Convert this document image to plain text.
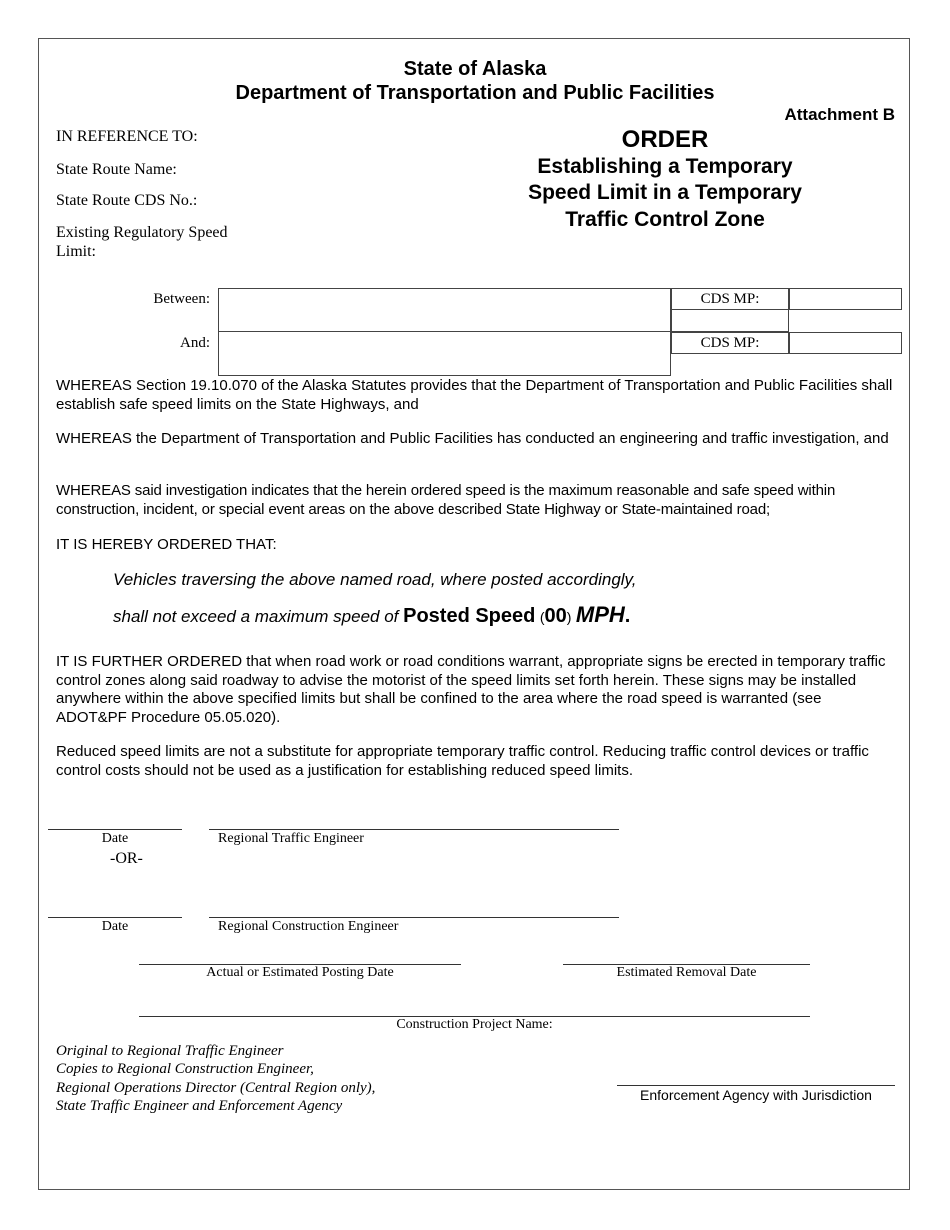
State of Alaska
Department of Transportation and Public Facilities
Attachment B
ORDER
Establishing a Temporary
Speed Limit in a Temporary
Traffic Control Zone
IN REFERENCE TO:
State Route Name:
State Route CDS No.:
Existing Regulatory Speed Limit:
Between:	CDS MP:
And:	CDS MP:
WHEREAS Section 19.10.070 of the Alaska Statutes provides that the Department of Transportation and Public Facilities shall establish safe speed limits on the State Highways, and
WHEREAS the Department of Transportation and Public Facilities has conducted an engineering and traffic investigation, and
WHEREAS said investigation indicates that the herein ordered speed is the maximum reasonable and safe speed within construction, incident, or special event areas on the above described State Highway or State-maintained road;
IT IS HEREBY ORDERED THAT:
Vehicles traversing the above named road, where posted accordingly,
shall not exceed a maximum speed of Posted Speed (00) MPH.
IT IS FURTHER ORDERED that when road work or road conditions warrant, appropriate signs be erected in temporary traffic control zones along said roadway to advise the motorist of the speed limits set forth herein. These signs may be installed anywhere within the above specified limits but shall be confined to the area where the road speed is warranted (see ADOT&PF Procedure 05.05.020).
Reduced speed limits are not a substitute for appropriate temporary traffic control. Reducing traffic control devices or traffic control costs should not be used as a justification for establishing reduced speed limits.
Date	Regional Traffic Engineer
-OR-
Date	Regional Construction Engineer
Actual or Estimated Posting Date	Estimated Removal Date
Construction Project Name:
Original to Regional Traffic Engineer
Copies to Regional Construction Engineer,
Regional Operations Director (Central Region only),
State Traffic Engineer and Enforcement Agency
Enforcement Agency with Jurisdiction
